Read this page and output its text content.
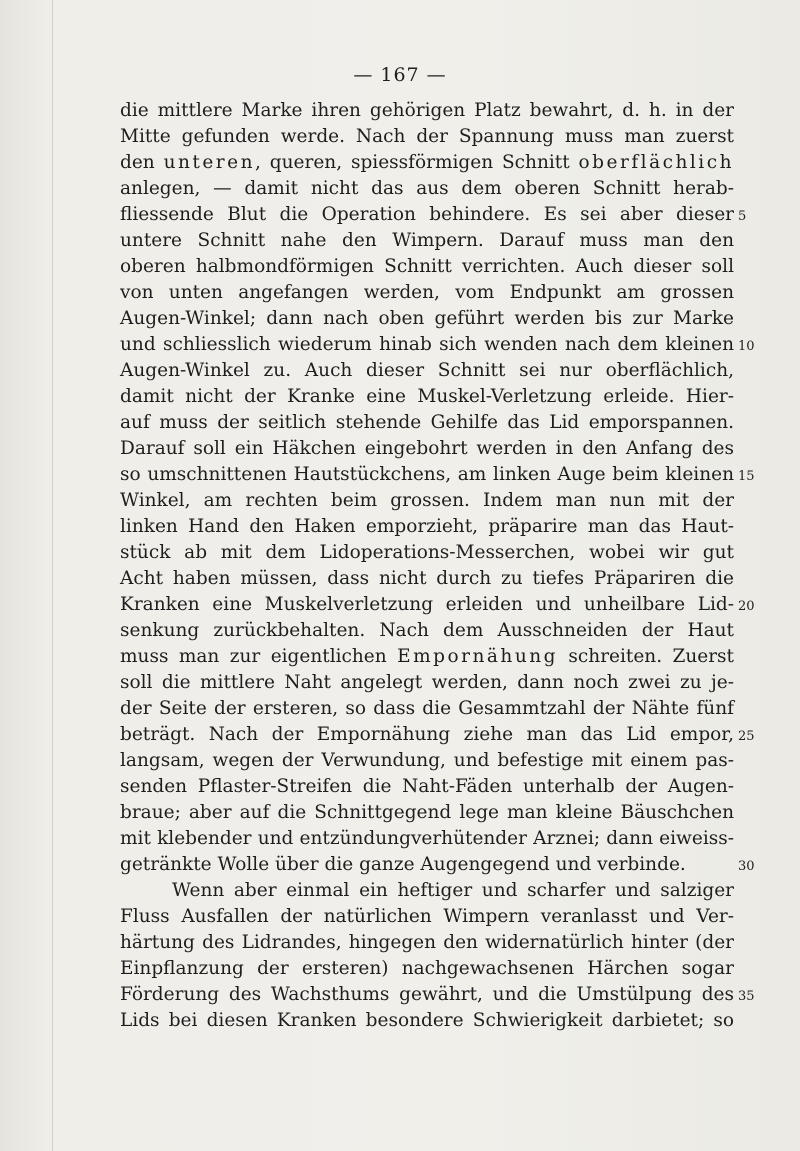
— 167 —
die mittlere Marke ihren gehörigen Platz bewahrt, d. h. in der
Mitte gefunden werde. Nach der Spannung muss man zuerst
den unteren, queren, spiessförmigen Schnitt oberflächlich
anlegen, — damit nicht das aus dem oberen Schnitt herab-
fliessende Blut die Operation behindere. Es sei aber dieser
untere Schnitt nahe den Wimpern. Darauf muss man den
oberen halbmondförmigen Schnitt verrichten. Auch dieser soll
von unten angefangen werden, vom Endpunkt am grossen
Augen-Winkel; dann nach oben geführt werden bis zur Marke
und schliesslich wiederum hinab sich wenden nach dem kleinen
Augen-Winkel zu. Auch dieser Schnitt sei nur oberflächlich,
damit nicht der Kranke eine Muskel-Verletzung erleide. Hier-
auf muss der seitlich stehende Gehilfe das Lid emporspannen.
Darauf soll ein Häkchen eingebohrt werden in den Anfang des
so umschnittenen Hautstückchens, am linken Auge beim kleinen
Winkel, am rechten beim grossen. Indem man nun mit der
linken Hand den Haken emporzieht, präparire man das Haut-
stück ab mit dem Lidoperations-Messerchen, wobei wir gut
Acht haben müssen, dass nicht durch zu tiefes Präpariren die
Kranken eine Muskelverletzung erleiden und unheilbare Lid-
senkung zurückbehalten. Nach dem Ausschneiden der Haut
muss man zur eigentlichen Empornähung schreiten. Zuerst
soll die mittlere Naht angelegt werden, dann noch zwei zu je-
der Seite der ersteren, so dass die Gesammtzahl der Nähte fünf
beträgt. Nach der Empornähung ziehe man das Lid empor,
langsam, wegen der Verwundung, und befestige mit einem pas-
senden Pflaster-Streifen die Naht-Fäden unterhalb der Augen-
braue; aber auf die Schnittgegend lege man kleine Bäuschchen
mit klebender und entzündungverhütender Arznei; dann eiweiss-
getränkte Wolle über die ganze Augengegend und verbinde.
Wenn aber einmal ein heftiger und scharfer und salziger
Fluss Ausfallen der natürlichen Wimpern veranlasst und Ver-
härtung des Lidrandes, hingegen den widernatürlich hinter (der
Einpflanzung der ersteren) nachgewachsenen Härchen sogar
Förderung des Wachsthums gewährt, und die Umstülpung des
Lids bei diesen Kranken besondere Schwierigkeit darbietet; so
5
10
15
20
25
30
35
